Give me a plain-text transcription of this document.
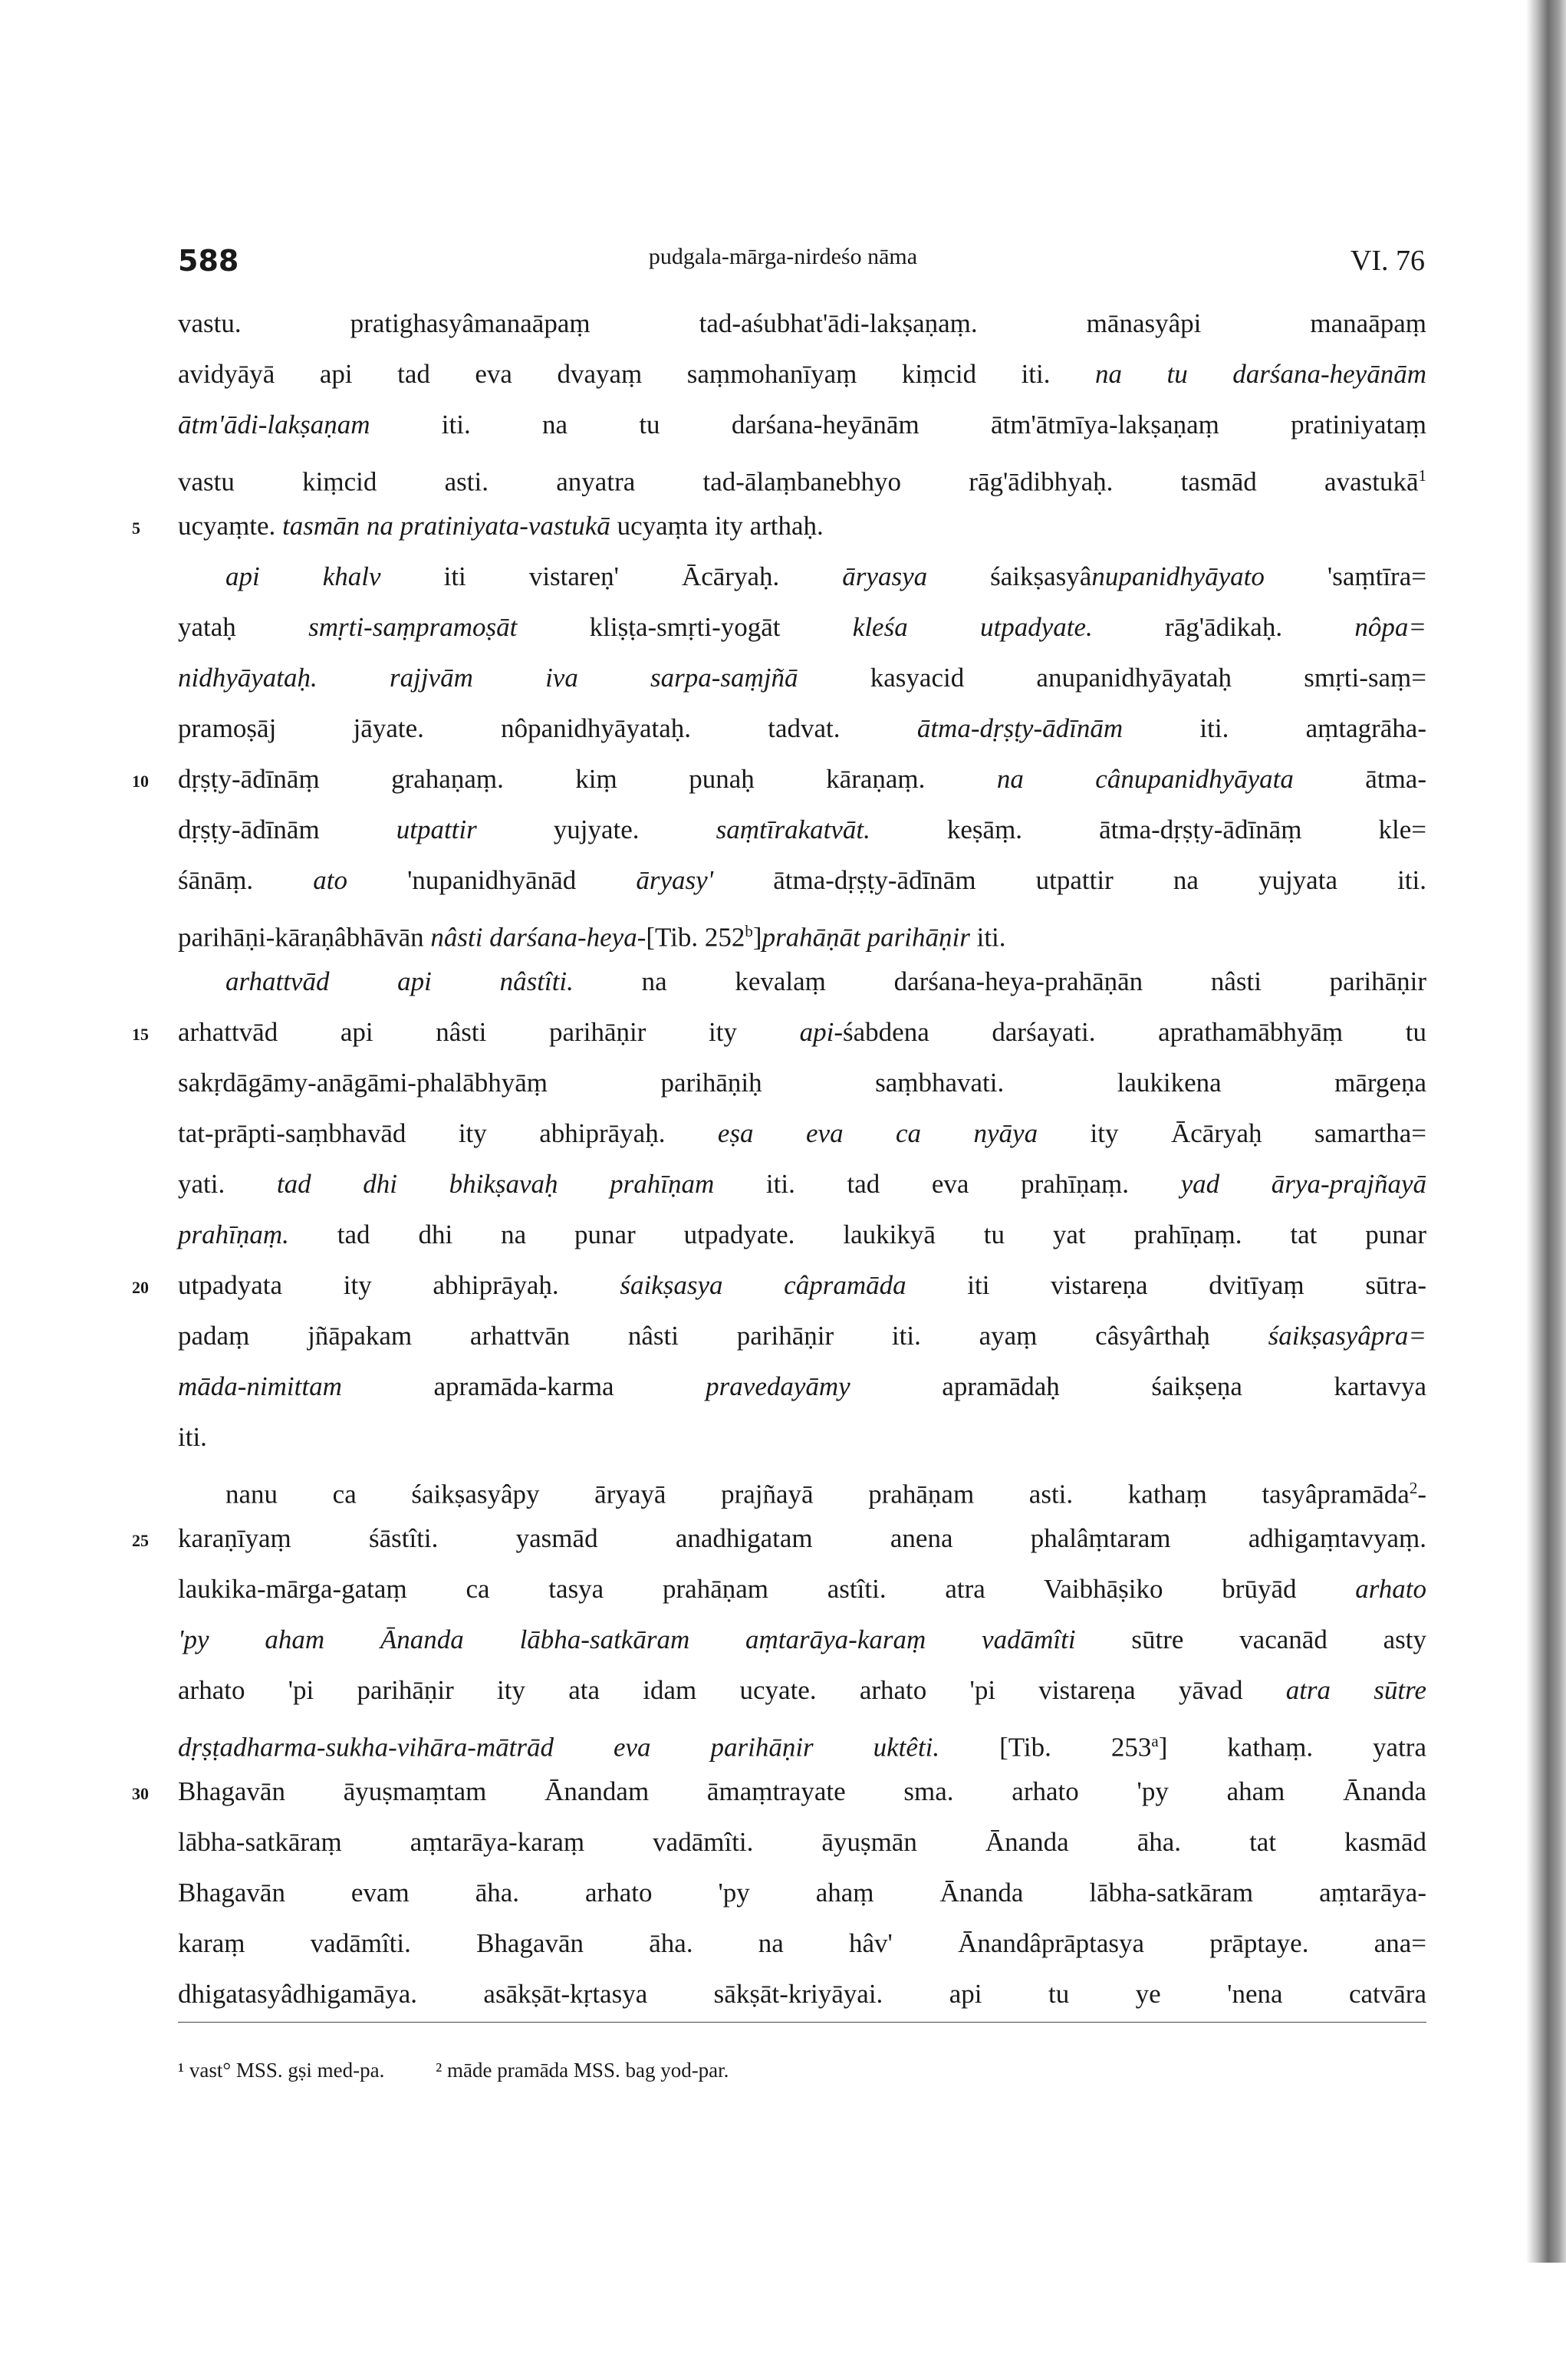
588	pudgala-mārga-nirdeśo nāma	VI. 76
vastu. pratighasyâmanaāpaṃ tad-aśubhat'ādi-lakṣaṇaṃ. mānasyâpi manaāpaṃ
avidyāyā api tad eva dvayaṃ saṃmohanīyaṃ kiṃcid iti. na tu darśana-heyānām
ātm'ādi-lakṣaṇam iti. na tu darśana-heyānām ātm'ātmīya-lakṣaṇaṃ pratiniyataṃ
vastu kiṃcid asti. anyatra tad-ālaṃbanebhyo rāg'ādibhyaḥ. tasmād avastukā$^1$
ucyaṃte. tasmān na pratiniyata-vastukā ucyaṃta ity arthaḥ.
5
api khalv iti vistareṇ' Ācāryaḥ. āryasya śaikṣasyânupanidhyāyato 'saṃtīra=
yataḥ smṛti-saṃpramoṣāt kliṣṭa-smṛti-yogāt kleśa utpadyate. rāg'ādikaḥ. nôpa=
nidhyāyataḥ. rajjvām iva sarpa-saṃjñā kasyacid anupanidhyāyataḥ smṛti-saṃ=
pramoṣāj jāyate. nôpanidhyāyataḥ. tadvat. ātma-dṛṣṭy-ādīnām iti. aṃtagrāha-
dṛṣṭy-ādīnāṃ grahaṇaṃ. kiṃ punaḥ kāraṇaṃ. na cânupanidhyāyata ātma-
10
dṛṣṭy-ādīnām utpattir yujyate. saṃtīrakatvāt. keṣāṃ. ātma-dṛṣṭy-ādīnāṃ kle=
śānāṃ. ato 'nupanidhyānād āryasy' ātma-dṛṣṭy-ādīnām utpattir na yujyata iti.
parihāṇi-kāraṇâbhāvān nâsti darśana-heya-[Tib. 252$^b$]prahāṇāt parihāṇir iti.
arhattvād api nâstîti. na kevalaṃ darśana-heya-prahāṇān nâsti parihāṇir
arhattvād api nâsti parihāṇir ity api-śabdena darśayati. aprathamābhyāṃ tu
15
sakṛdāgāmy-anāgāmi-phalābhyāṃ parihāṇiḥ saṃbhavati. laukikena mārgeṇa
tat-prāpti-saṃbhavād ity abhiprāyaḥ. eṣa eva ca nyāya ity Ācāryaḥ samartha=
yati. tad dhi bhikṣavaḥ prahīṇam iti. tad eva prahīṇaṃ. yad ārya-prajñayā
prahīṇaṃ. tad dhi na punar utpadyate. laukikyā tu yat prahīṇaṃ. tat punar
utpadyata ity abhiprāyaḥ. śaikṣasya câpramāda iti vistareṇa dvitīyaṃ sūtra-
20
padaṃ jñāpakam arhattvān nâsti parihāṇir iti. ayaṃ câsyârthaḥ śaikṣasyâpra=
māda-nimittam apramāda-karma pravedayāmy apramādaḥ śaikṣeṇa kartavya
iti.
nanu ca śaikṣasyâpy āryayā prajñayā prahāṇam asti. kathaṃ tasyâpramāda$^2$-
karaṇīyaṃ śāstîti. yasmād anadhigatam anena phalâṃtaram adhigaṃtavyaṃ.
25
laukika-mārga-gataṃ ca tasya prahāṇam astîti. atra Vaibhāṣiko brūyād arhato
'py aham Ānanda lābha-satkāram aṃtarāya-karaṃ vadāmîti sūtre vacanād asty
arhato 'pi parihāṇir ity ata idam ucyate. arhato 'pi vistareṇa yāvad atra sūtre
dṛṣṭadharma-sukha-vihāra-mātrād eva parihāṇir uktêti. [Tib. 253$^a$] kathaṃ. yatra
Bhagavān āyuṣmaṃtam Ānandam āmaṃtrayate sma. arhato 'py aham Ānanda
30
lābha-satkāraṃ aṃtarāya-karaṃ vadāmîti. āyuṣmān Ānanda āha. tat kasmād
Bhagavān evam āha. arhato 'py ahaṃ Ānanda lābha-satkāram aṃtarāya-
karaṃ vadāmîti. Bhagavān āha. na hâv' Ānandâprāptasya prāptaye. ana=
dhigatasyâdhigamāya. asākṣāt-kṛtasya sākṣāt-kriyāyai. api tu ye 'nena catvāra
¹ vast° MSS. gṣi med-pa. ² māde pramāda MSS. bag yod-par.
